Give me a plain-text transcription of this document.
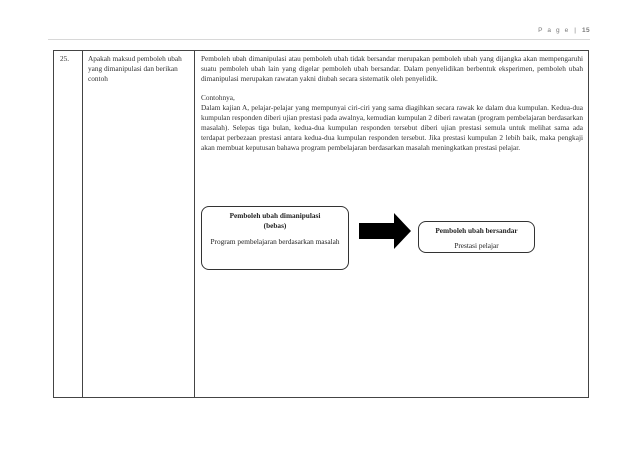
P a g e | 15
25.	Apakah maksud pemboleh ubah yang dimanipulasi dan berikan contoh

Pemboleh ubah dimanipulasi atau pemboleh ubah tidak bersandar merupakan pemboleh ubah yang dijangka akan mempengaruhi suatu pemboleh ubah lain yang digelar pemboleh ubah bersandar. Dalam penyelidikan berbentuk eksperimen, pemboleh ubah dimanipulasi merupakan rawatan yakni diubah secara sistematik oleh penyelidik.

Contohnya,

Dalam kajian A, pelajar-pelajar yang mempunyai ciri-ciri yang sama diagihkan secara rawak ke dalam dua kumpulan. Kedua-dua kumpulan responden diberi ujian prestasi pada awalnya, kemudian kumpulan 2 diberi rawatan (program pembelajaran berdasarkan masalah). Selepas tiga bulan, kedua-dua kumpulan responden tersebut diberi ujian prestasi semula untuk melihat sama ada terdapat perbezaan prestasi antara kedua-dua kumpulan responden tersebut. Jika prestasi kumpulan 2 lebih baik, maka pengkaji akan membuat keputusan bahawa program pembelajaran berdasarkan masalah meningkatkan prestasi pelajar.

Pemboleh ubah dimanipulasi
(bebas)
Program pembelajaran berdasarkan masalah
Pemboleh ubah bersandar
Prestasi pelajar
